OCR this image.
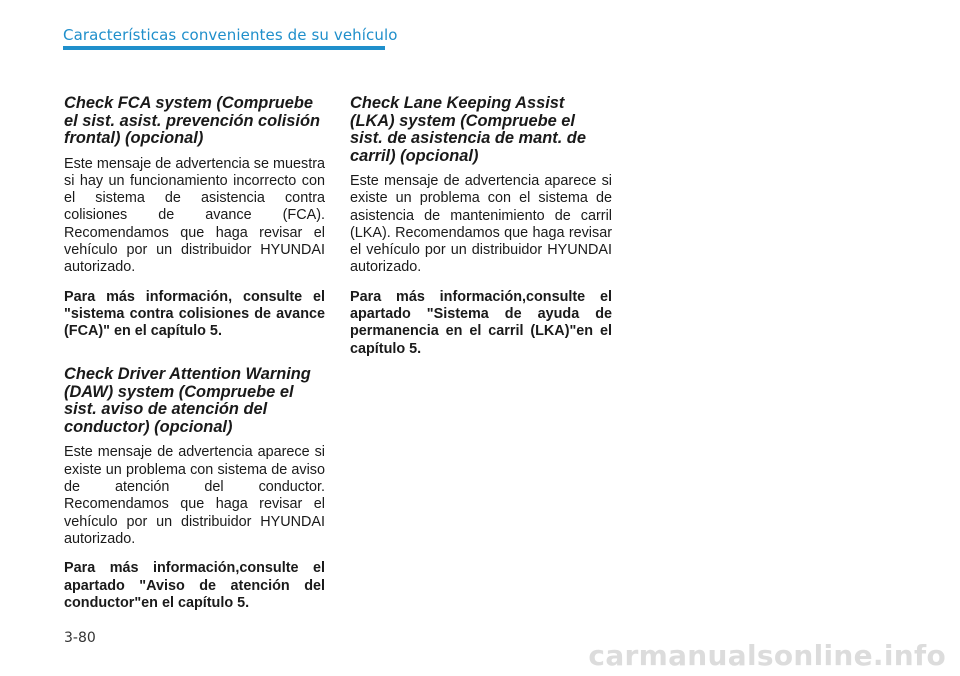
Características convenientes de su vehículo
Check FCA system (Compruebe el sist. asist. prevención colisión frontal) (opcional)

Este mensaje de advertencia se muestra si hay un funcionamiento incorrecto con el sistema de asistencia contra colisiones de avance (FCA). Recomendamos que haga revisar el vehículo por un distribuidor HYUNDAI autorizado.

Para más información, consulte el "sistema contra colisiones de avance (FCA)" en el capítulo 5.

Check Driver Attention Warning (DAW) system (Compruebe el sist. aviso de atención del conductor) (opcional)

Este mensaje de advertencia aparece si existe un problema con sistema de aviso de atención del conductor. Recomendamos que haga revisar el vehículo por un distribuidor HYUNDAI autorizado.

Para más información,consulte el apartado "Aviso de atención del conductor"en el capítulo 5.

Check Lane Keeping Assist (LKA) system (Compruebe el sist. de asistencia de mant. de carril) (opcional)

Este mensaje de advertencia aparece si existe un problema con el sistema de asistencia de mantenimiento de carril (LKA). Recomendamos que haga revisar el vehículo por un distribuidor HYUNDAI autorizado.

Para más información,consulte el apartado "Sistema de ayuda de permanencia en el carril (LKA)"en el capítulo 5.

3-80
carmanualsonline.info
